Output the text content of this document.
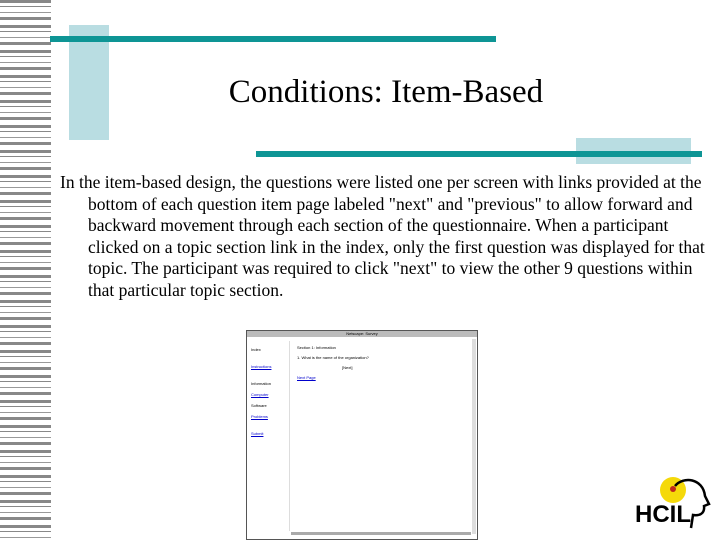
Conditions: Item-Based
In the item-based design, the questions were listed one per screen with links provided at the bottom of each question item page labeled "next" and "previous" to allow forward and backward movement through each section of the questionnaire. When a participant clicked on a topic section link in the index, only the first question was displayed for that topic. The participant was required to click "next" to view the other 9 questions within that particular topic section.
Netscape: Survey
Index
Instructions
Information
Computer
Software
Problems
Submit
Section 1: Information
1. What is the name of the organization?
[Next]
Next Page
HCIL
